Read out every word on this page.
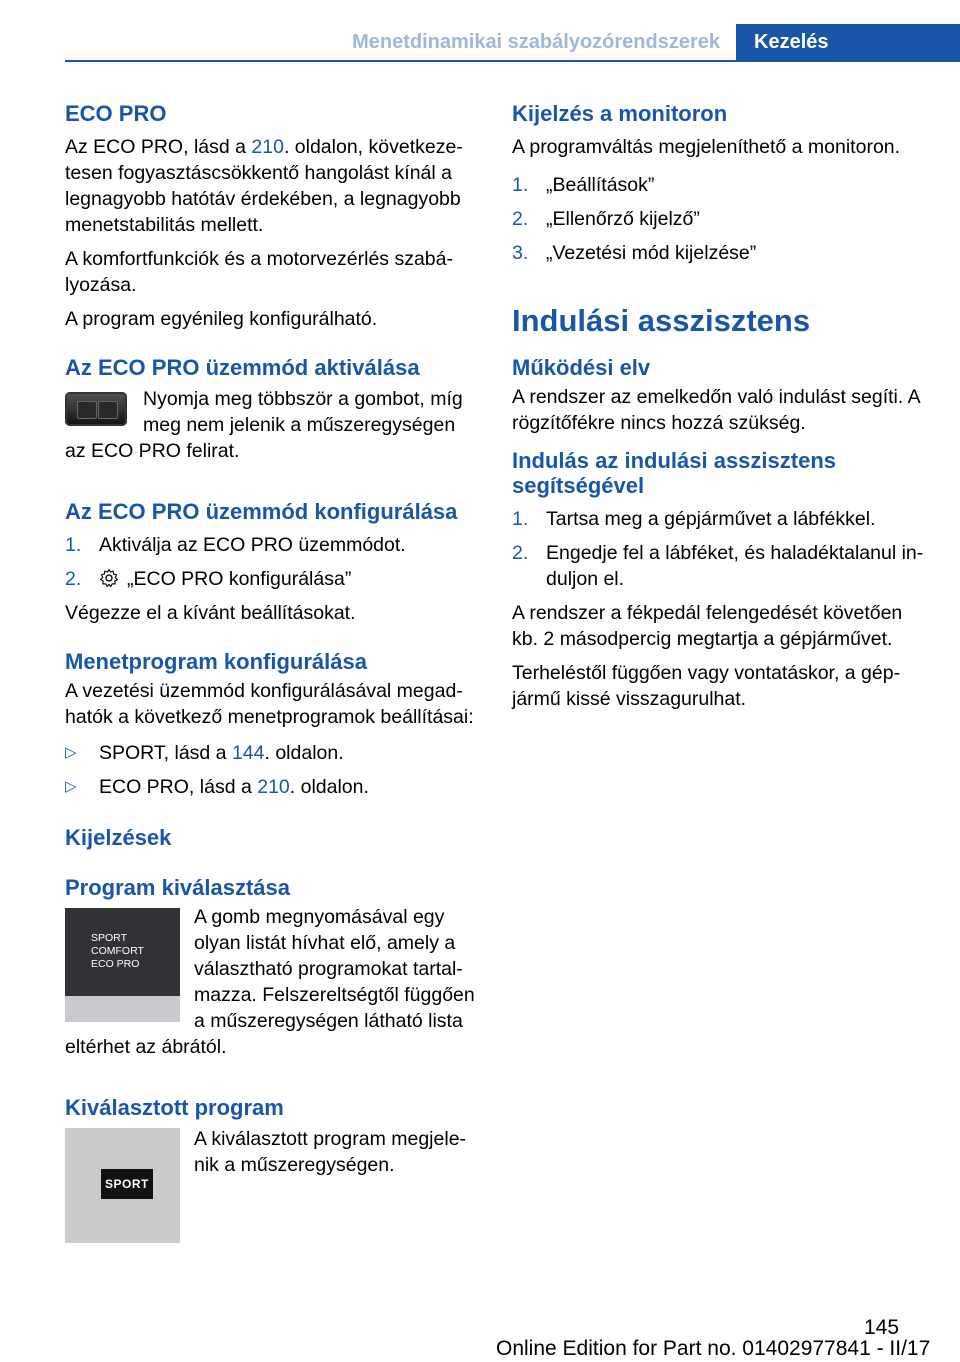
Menetdinamikai szabályozórendszerek	Kezelés
ECO PRO

Az ECO PRO, lásd a 210. oldalon, következe-tesen fogyasztáscsökkentő hangolást kínál a legnagyobb hatótáv érdekében, a legnagyobb menetstabilitás mellett.

A komfortfunkciók és a motorvezérlés szabá-lyozása.

A program egyénileg konfigurálható.

Az ECO PRO üzemmód aktiválása

Nyomja meg többször a gombot, míg meg nem jelenik a műszeregységen az ECO PRO felirat.

Az ECO PRO üzemmód konfigurálása
1. Aktiválja az ECO PRO üzemmódot.
2.	„ECO PRO konfigurálása”

Végezze el a kívánt beállításokat.

Menetprogram konfigurálása

A vezetési üzemmód konfigurálásával megad-hatók a következő menetprogramok beállításai:

▷	SPORT, lásd a 144. oldalon.
▷	ECO PRO, lásd a 210. oldalon.
Kijelzések
Program kiválasztása
SPORT
COMFORT
ECO PRO

A gomb megnyomásával egy olyan listát hívhat elő, amely a választható programokat tartal-mazza. Felszereltségtől függően a műszeregységen látható lista eltérhet az ábrától.

Kiválasztott program
SPORT

A kiválasztott program megjele-nik a műszeregységen.

Kijelzés a monitoron

A programváltás megjeleníthető a monitoron.

1. „Beállítások”
2. „Ellenőrző kijelző”
3. „Vezetési mód kijelzése”
Indulási asszisztens
Működési elv

A rendszer az emelkedőn való indulást segíti. A rögzítőfékre nincs hozzá szükség.

Indulás az indulási asszisztens segítségével
1. Tartsa meg a gépjárművet a lábfékkel.
2. Engedje fel a lábféket, és haladéktalanul in-duljon el.

A rendszer a fékpedál felengedését követően kb. 2 másodpercig megtartja a gépjárművet.

Terheléstől függően vagy vontatáskor, a gép-jármű kissé visszagurulhat.

145
Online Edition for Part no. 01402977841 - II/17
